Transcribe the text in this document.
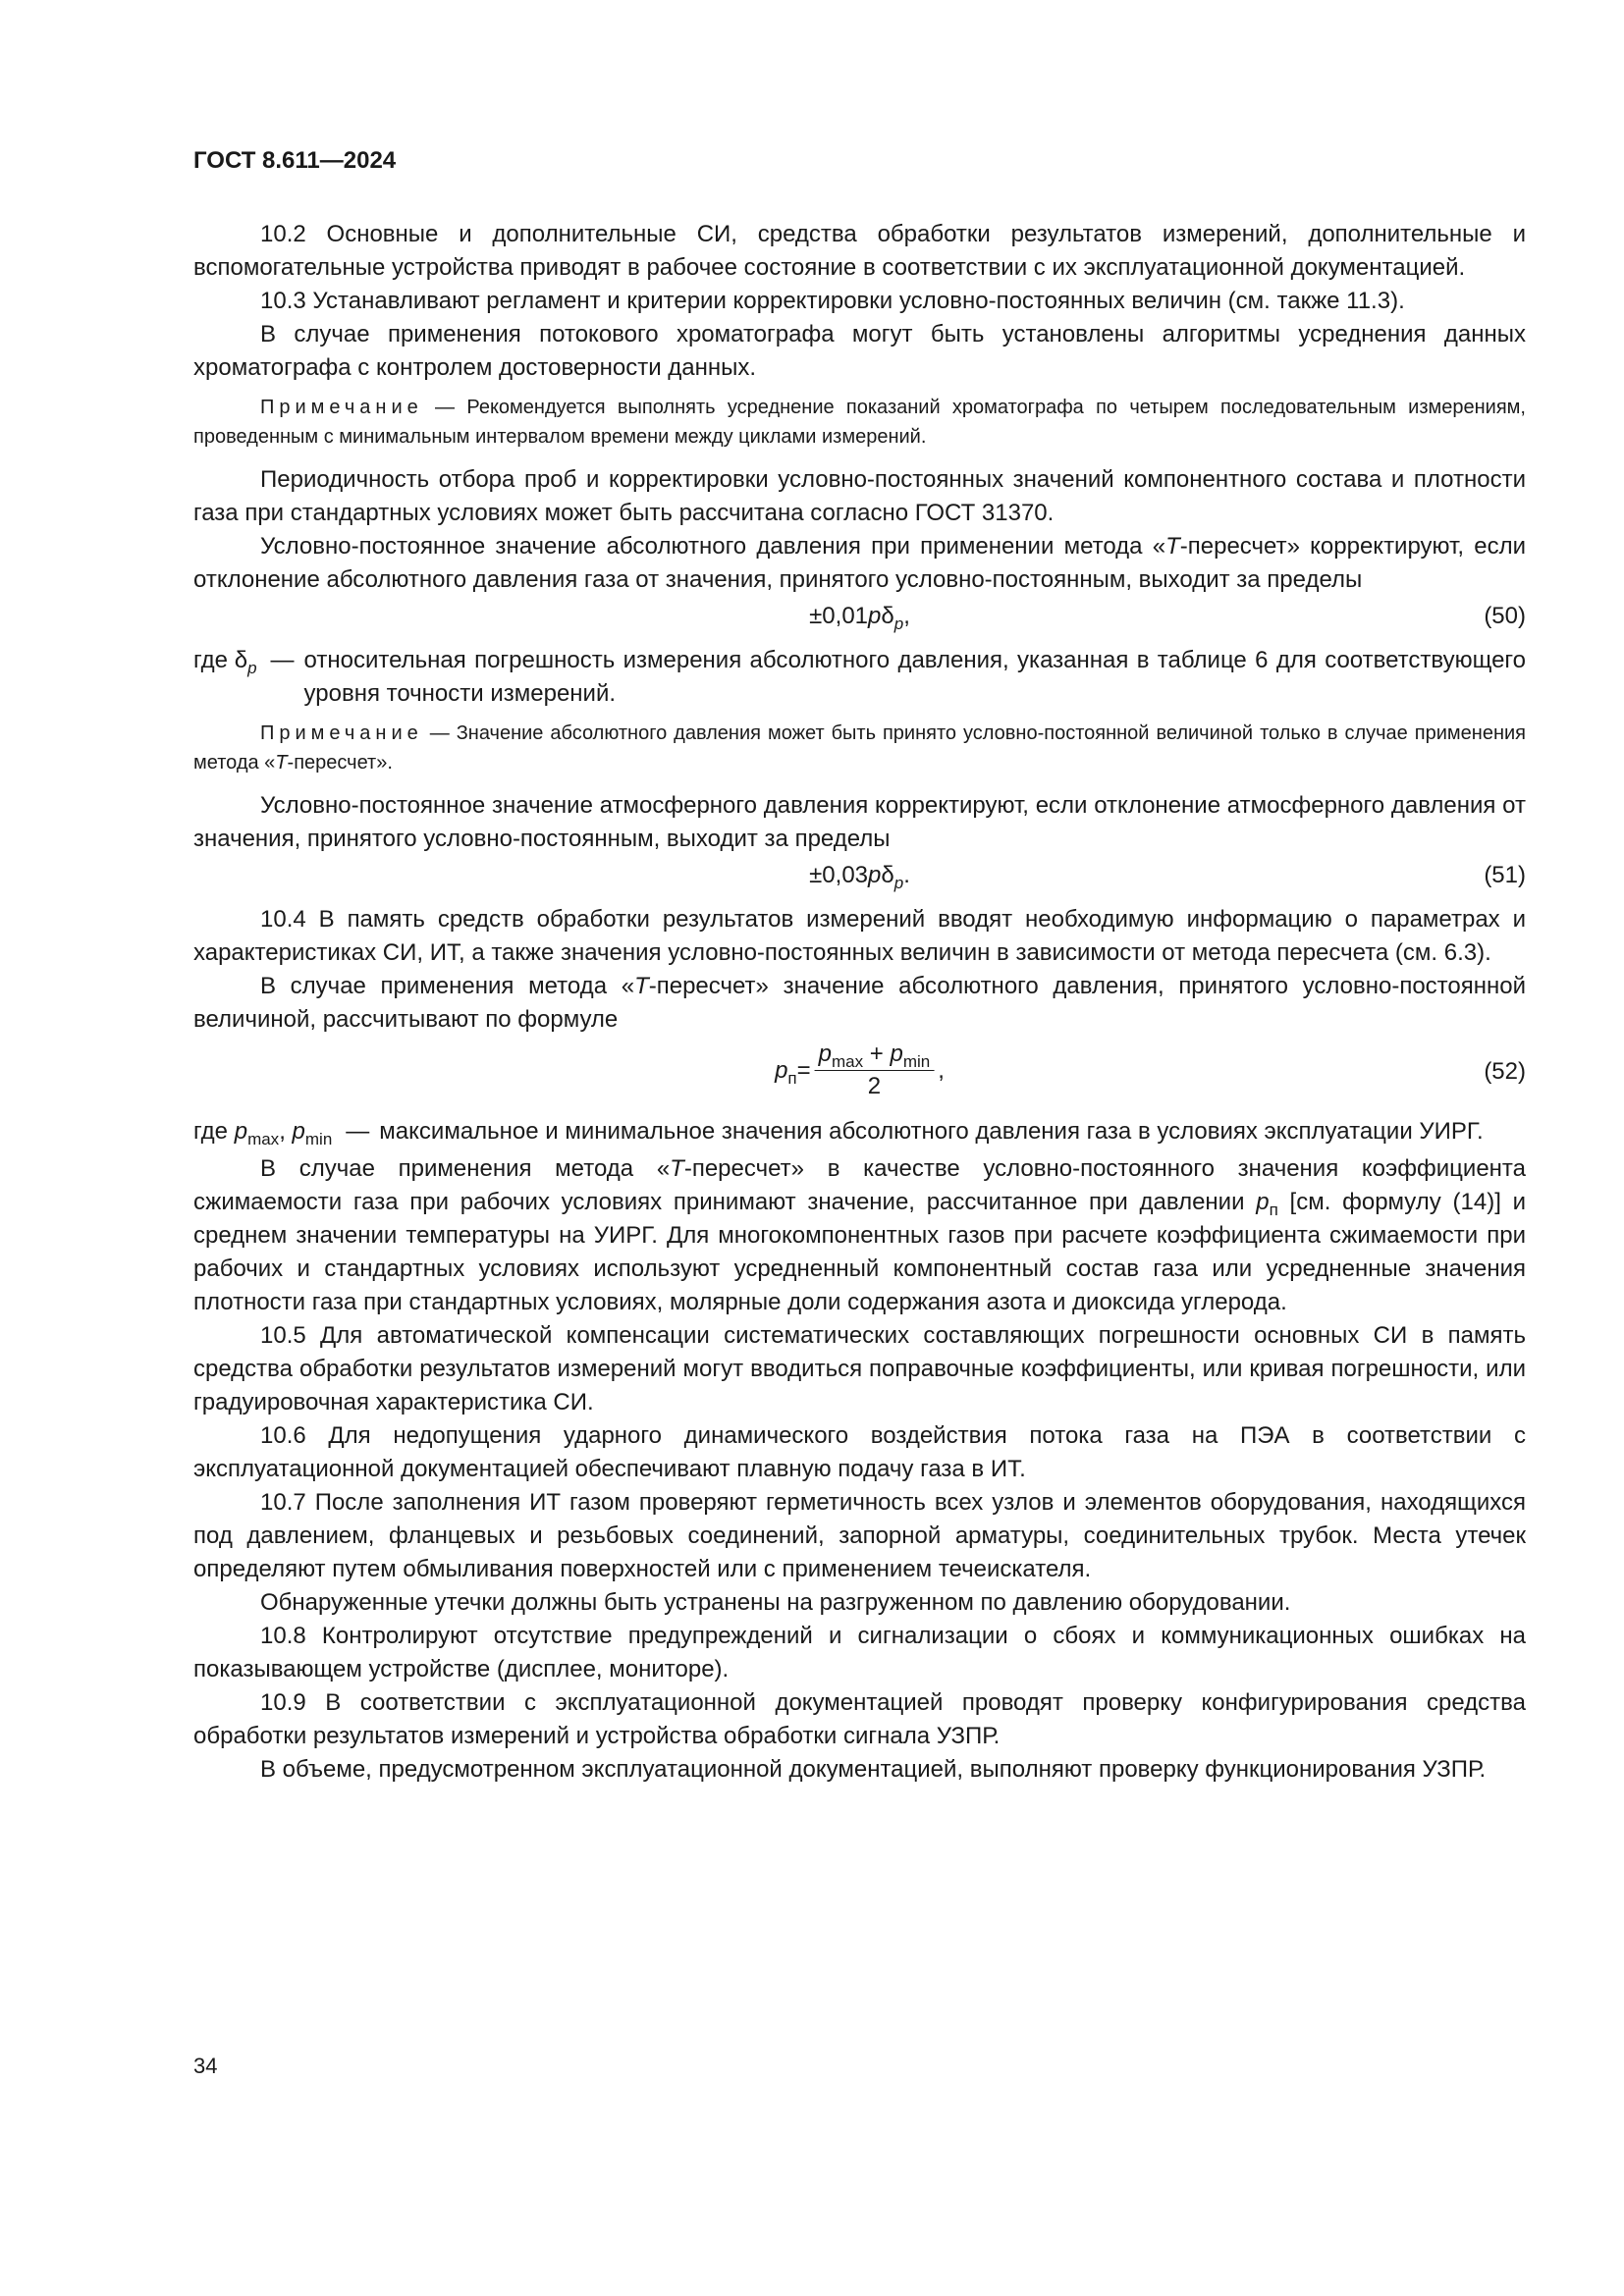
ГОСТ 8.611—2024

10.2 Основные и дополнительные СИ, средства обработки результатов измерений, дополнительные и вспомогательные устройства приводят в рабочее состояние в соответствии с их эксплуатационной документацией.

10.3 Устанавливают регламент и критерии корректировки условно-постоянных величин (см. также 11.3).

В случае применения потокового хроматографа могут быть установлены алгоритмы усреднения данных хроматографа с контролем достоверности данных.

Примечание — Рекомендуется выполнять усреднение показаний хроматографа по четырем последовательным измерениям, проведенным с минимальным интервалом времени между циклами измерений.

Периодичность отбора проб и корректировки условно-постоянных значений компонентного состава и плотности газа при стандартных условиях может быть рассчитана согласно ГОСТ 31370.

Условно-постоянное значение абсолютного давления при применении метода «Т-пересчет» корректируют, если отклонение абсолютного давления газа от значения, принятого условно-постоянным, выходит за пределы

$\pm 0,01p\delta_p$,	(50)
где $\delta_p$ — относительная погрешность измерения абсолютного давления, указанная в таблице 6 для соответствующего уровня точности измерений.
Примечание — Значение абсолютного давления может быть принято условно-постоянной величиной только в случае применения метода «Т-пересчет».

Условно-постоянное значение атмосферного давления корректируют, если отклонение атмосферного давления от значения, принятого условно-постоянным, выходит за пределы

$\pm 0,03p\delta_p$.	(51)

10.4 В память средств обработки результатов измерений вводят необходимую информацию о параметрах и характеристиках СИ, ИТ, а также значения условно-постоянных величин в зависимости от метода пересчета (см. 6.3).

В случае применения метода «Т-пересчет» значение абсолютного давления, принятого условно-постоянной величиной, рассчитывают по формуле

$p_п = \frac{p_{max} + p_{min}}{2}$ ,	(52)
где $p_{max}$, $p_{min}$ — максимальное и минимальное значения абсолютного давления газа в условиях эксплуатации УИРГ.

В случае применения метода «Т-пересчет» в качестве условно-постоянного значения коэффициента сжимаемости газа при рабочих условиях принимают значение, рассчитанное при давлении $p_п$ [см. формулу (14)] и среднем значении температуры на УИРГ. Для многокомпонентных газов при расчете коэффициента сжимаемости при рабочих и стандартных условиях используют усредненный компонентный состав газа или усредненные значения плотности газа при стандартных условиях, молярные доли содержания азота и диоксида углерода.

10.5 Для автоматической компенсации систематических составляющих погрешности основных СИ в память средства обработки результатов измерений могут вводиться поправочные коэффициенты, или кривая погрешности, или градуировочная характеристика СИ.

10.6 Для недопущения ударного динамического воздействия потока газа на ПЭА в соответствии с эксплуатационной документацией обеспечивают плавную подачу газа в ИТ.

10.7 После заполнения ИТ газом проверяют герметичность всех узлов и элементов оборудования, находящихся под давлением, фланцевых и резьбовых соединений, запорной арматуры, соединительных трубок. Места утечек определяют путем обмыливания поверхностей или с применением течеискателя.

Обнаруженные утечки должны быть устранены на разгруженном по давлению оборудовании.

10.8 Контролируют отсутствие предупреждений и сигнализации о сбоях и коммуникационных ошибках на показывающем устройстве (дисплее, мониторе).

10.9 В соответствии с эксплуатационной документацией проводят проверку конфигурирования средства обработки результатов измерений и устройства обработки сигнала УЗПР.

В объеме, предусмотренном эксплуатационной документацией, выполняют проверку функционирования УЗПР.

34
